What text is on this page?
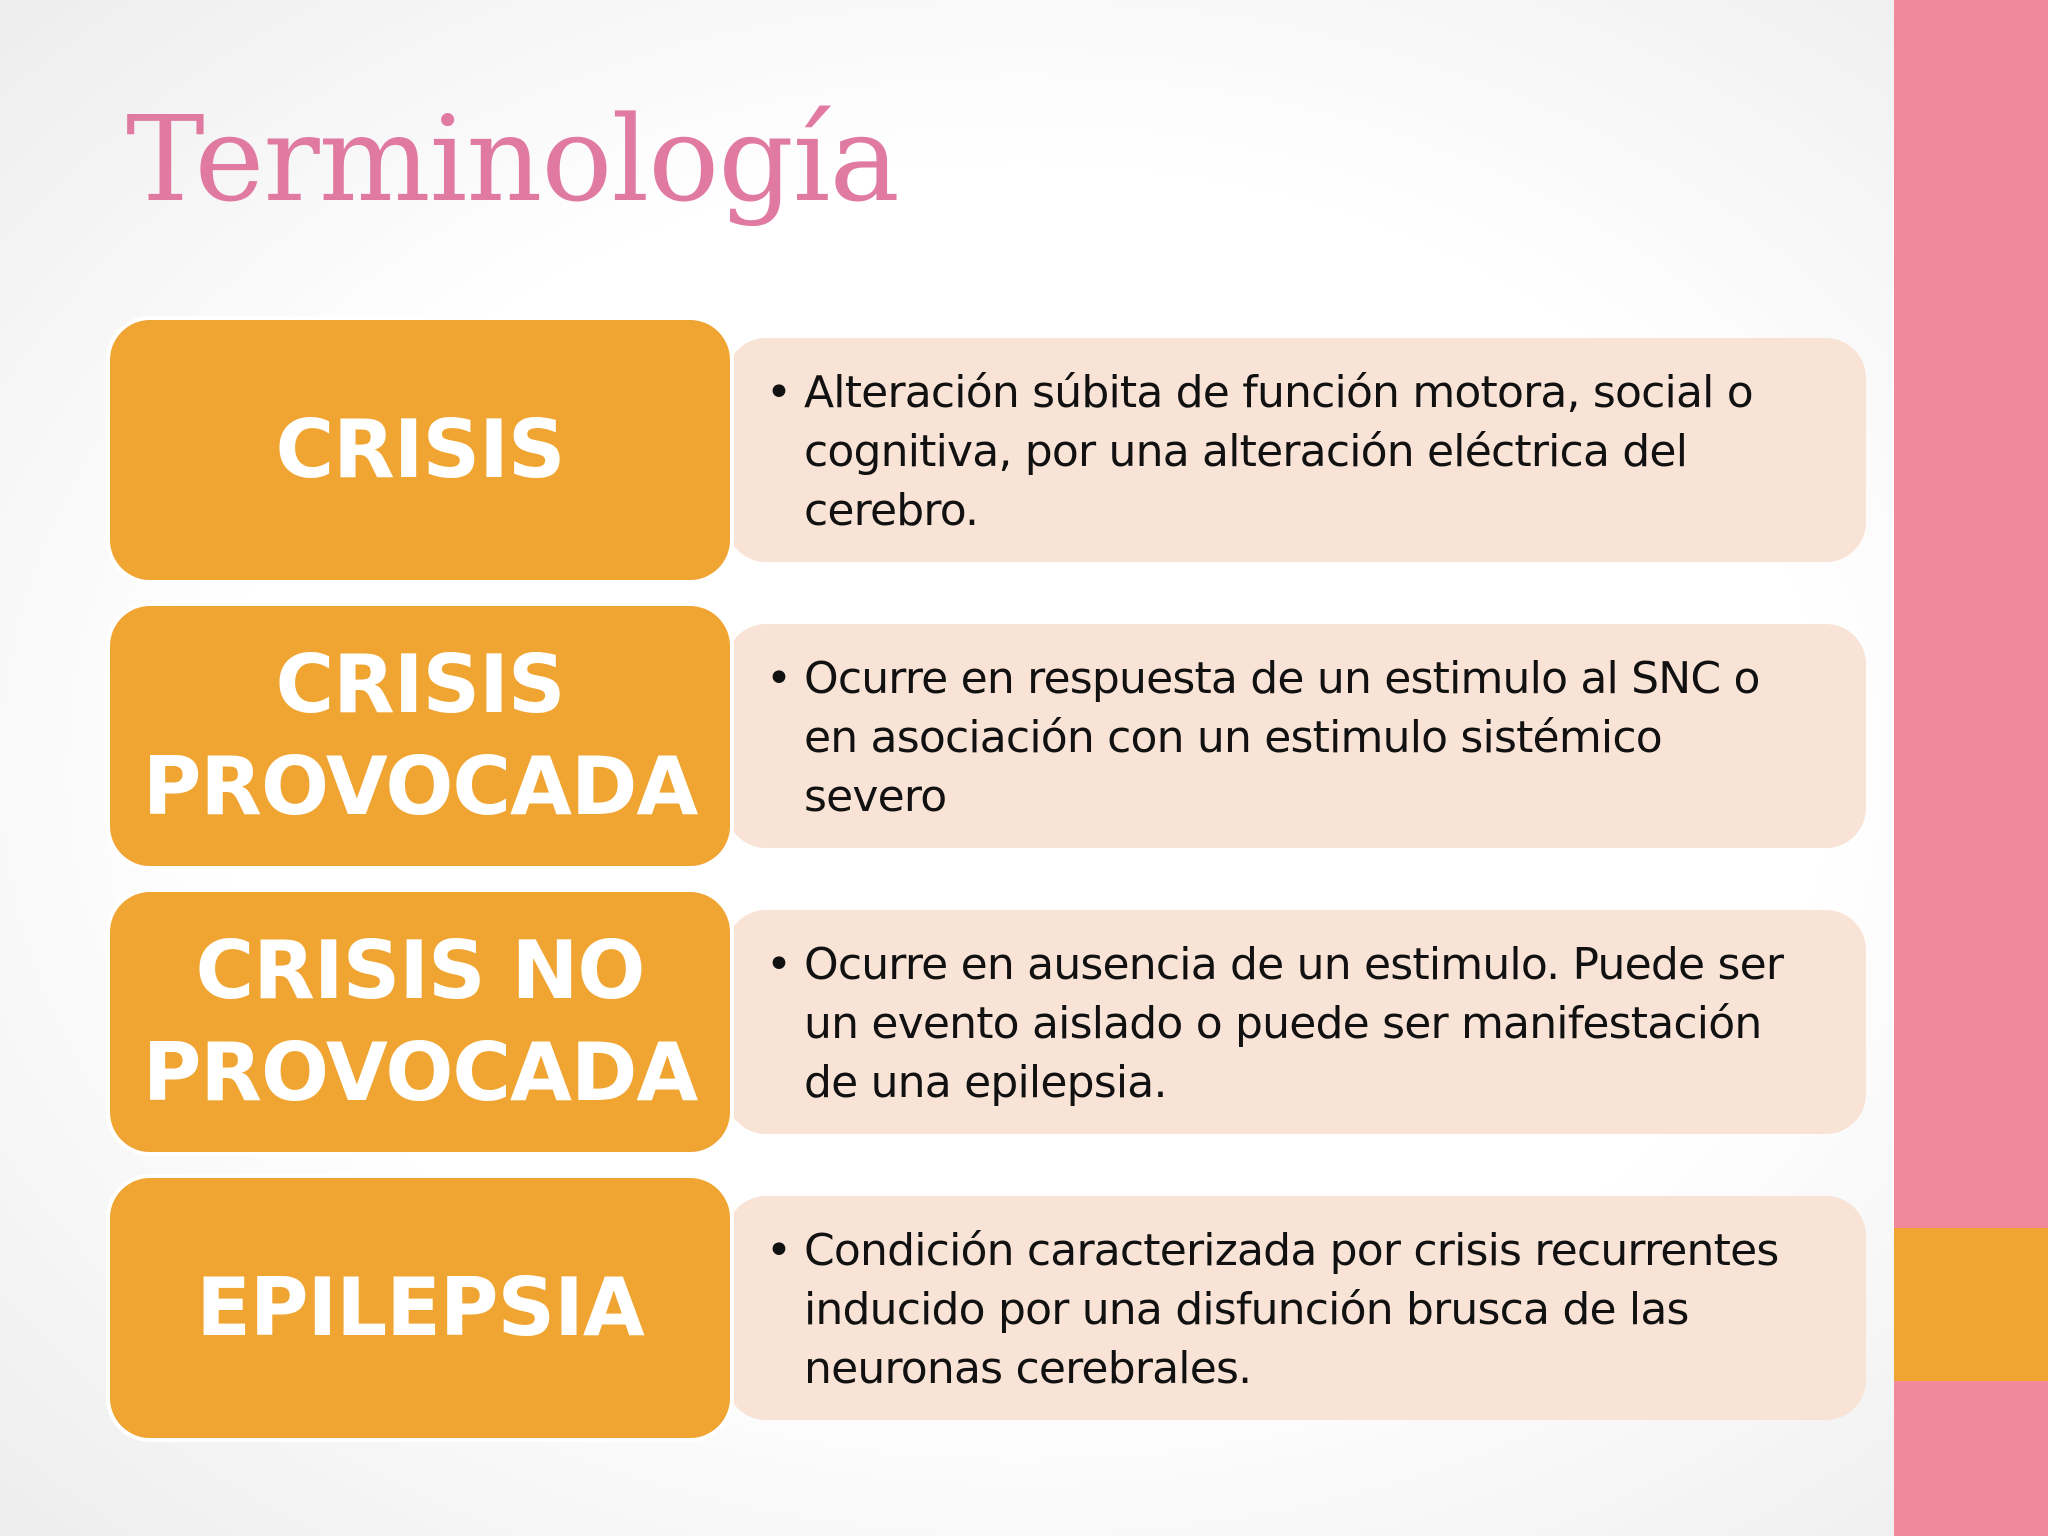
Terminología
CRISIS
• Alteración súbita de función motora, social o cognitiva, por una alteración eléctrica del cerebro.
CRISIS PROVOCADA
• Ocurre en respuesta de un estimulo al SNC o en asociación con un estimulo sistémico severo
CRISIS NO PROVOCADA
• Ocurre en ausencia de un estimulo. Puede ser un evento aislado o puede ser manifestación de una epilepsia.
EPILEPSIA
• Condición caracterizada por crisis recurrentes inducido por una disfunción brusca de las neuronas cerebrales.
